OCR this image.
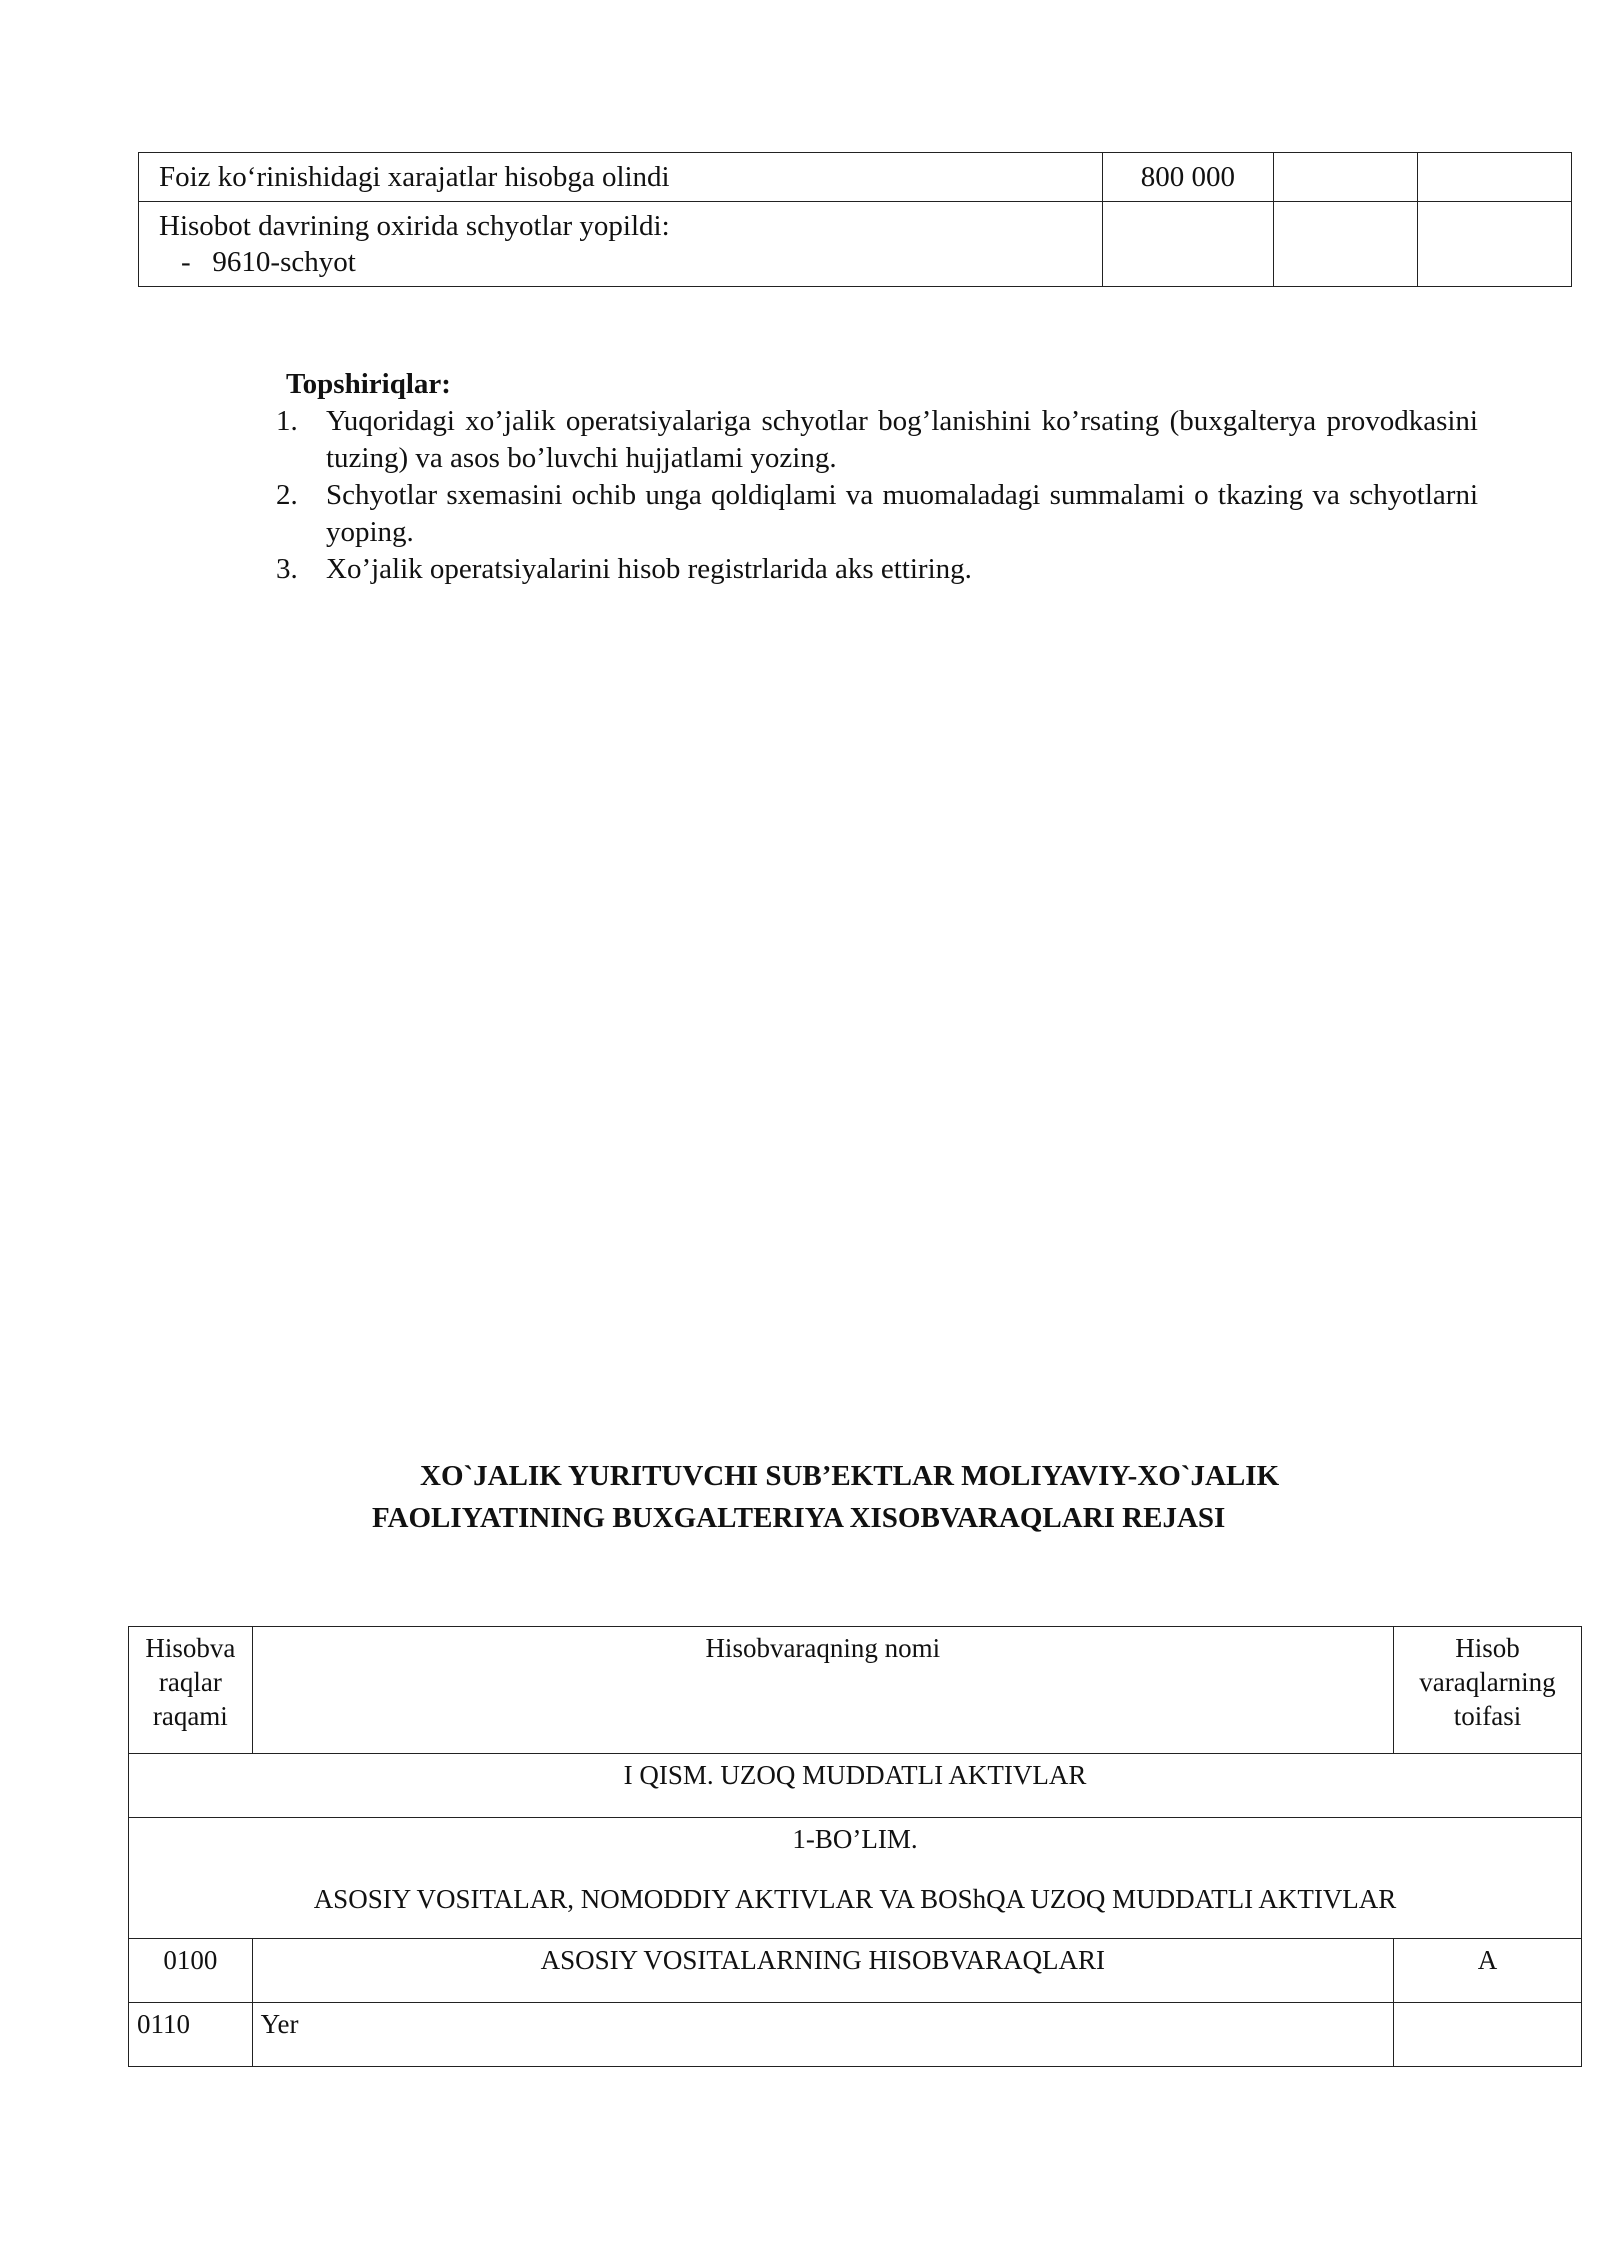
Foiz ko‘rinishidagi xarajatlar hisobga olindi	800 000		

Hisobot davrining oxirida schyotlar yopildi:
-   9610-schyot			

Topshiriqlar:
1. Yuqoridagi xo’jalik operatsiyalariga schyotlar bog’lanishini ko’rsating (buxgalterya provodkasini tuzing) va asos bo’luvchi hujjatlami yozing.
2. Schyotlar sxemasini ochib unga qoldiqlami va muomaladagi summalami o tkazing va schyotlarni yoping.
3. Xo’jalik operatsiyalarini hisob registrlarida aks ettiring.
XO`JALIK YURITUVCHI SUB’EKTLAR MOLIYAVIY-XO`JALIK
FAOLIYATINING BUXGALTERIYA XISOBVARAQLARI REJASI
Hisobva raqlar raqami	Hisobvaraqning nomi	Hisob varaqlarning toifasi
I QISM. UZOQ MUDDATLI AKTIVLAR		

1-BO’LIM.
ASOSIY VOSITALAR, NOMODDIY AKTIVLAR VA BOShQA UZOQ MUDDATLI AKTIVLAR		

0100	ASOSIY VOSITALARNING HISOBVARAQLARI	A
0110	Yer	
